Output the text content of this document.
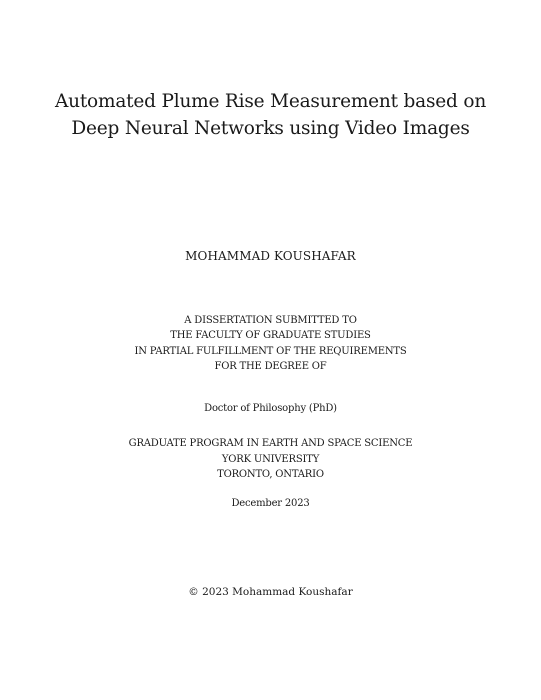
Automated Plume Rise Measurement based on
Deep Neural Networks using Video Images
MOHAMMAD KOUSHAFAR
A DISSERTATION SUBMITTED TO
THE FACULTY OF GRADUATE STUDIES
IN PARTIAL FULFILLMENT OF THE REQUIREMENTS
FOR THE DEGREE OF
Doctor of Philosophy (PhD)
GRADUATE PROGRAM IN EARTH AND SPACE SCIENCE
YORK UNIVERSITY
TORONTO, ONTARIO
December 2023
© 2023 Mohammad Koushafar
